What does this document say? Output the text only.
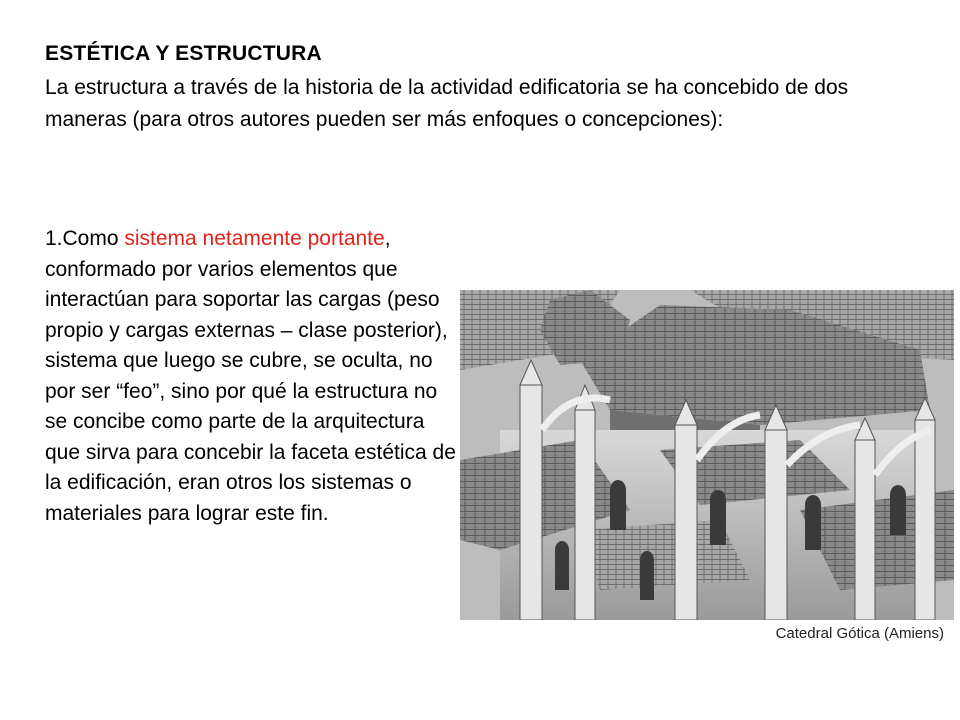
ESTÉTICA Y ESTRUCTURA

La estructura a través de la historia de la actividad edificatoria se ha concebido de dos maneras (para otros autores pueden ser más enfoques o concepciones):

1.Como sistema netamente portante, conformado por varios elementos que interactúan para soportar las cargas (peso propio y cargas externas – clase posterior), sistema que luego se cubre, se oculta, no por ser “feo”, sino por qué la estructura no se concibe como parte de la arquitectura que sirva para concebir la faceta estética de la edificación, eran otros los sistemas o materiales para lograr este fin.

Catedral Gótica (Amiens)
